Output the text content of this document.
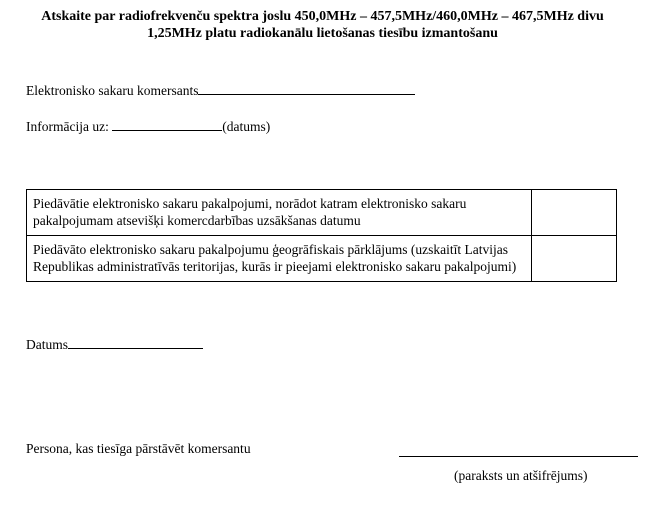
Atskaite par radiofrekvenču spektra joslu 450,0MHz – 457,5MHz/460,0MHz – 467,5MHz divu
1,25MHz platu radiokanālu lietošanas tiesību izmantošanu
Elektronisko sakaru komersants
Informācija uz:	(datums)
Piedāvātie elektronisko sakaru pakalpojumi, norādot katram elektronisko sakaru pakalpojumam atsevišķi komercdarbības uzsākšanas datumu	
Piedāvāto elektronisko sakaru pakalpojumu ģeogrāfiskais pārklājums (uzskaitīt Latvijas Republikas administratīvās teritorijas, kurās ir pieejami elektronisko sakaru pakalpojumi)	
Datums
Persona, kas tiesīga pārstāvēt komersantu
(paraksts un atšifrējums)
